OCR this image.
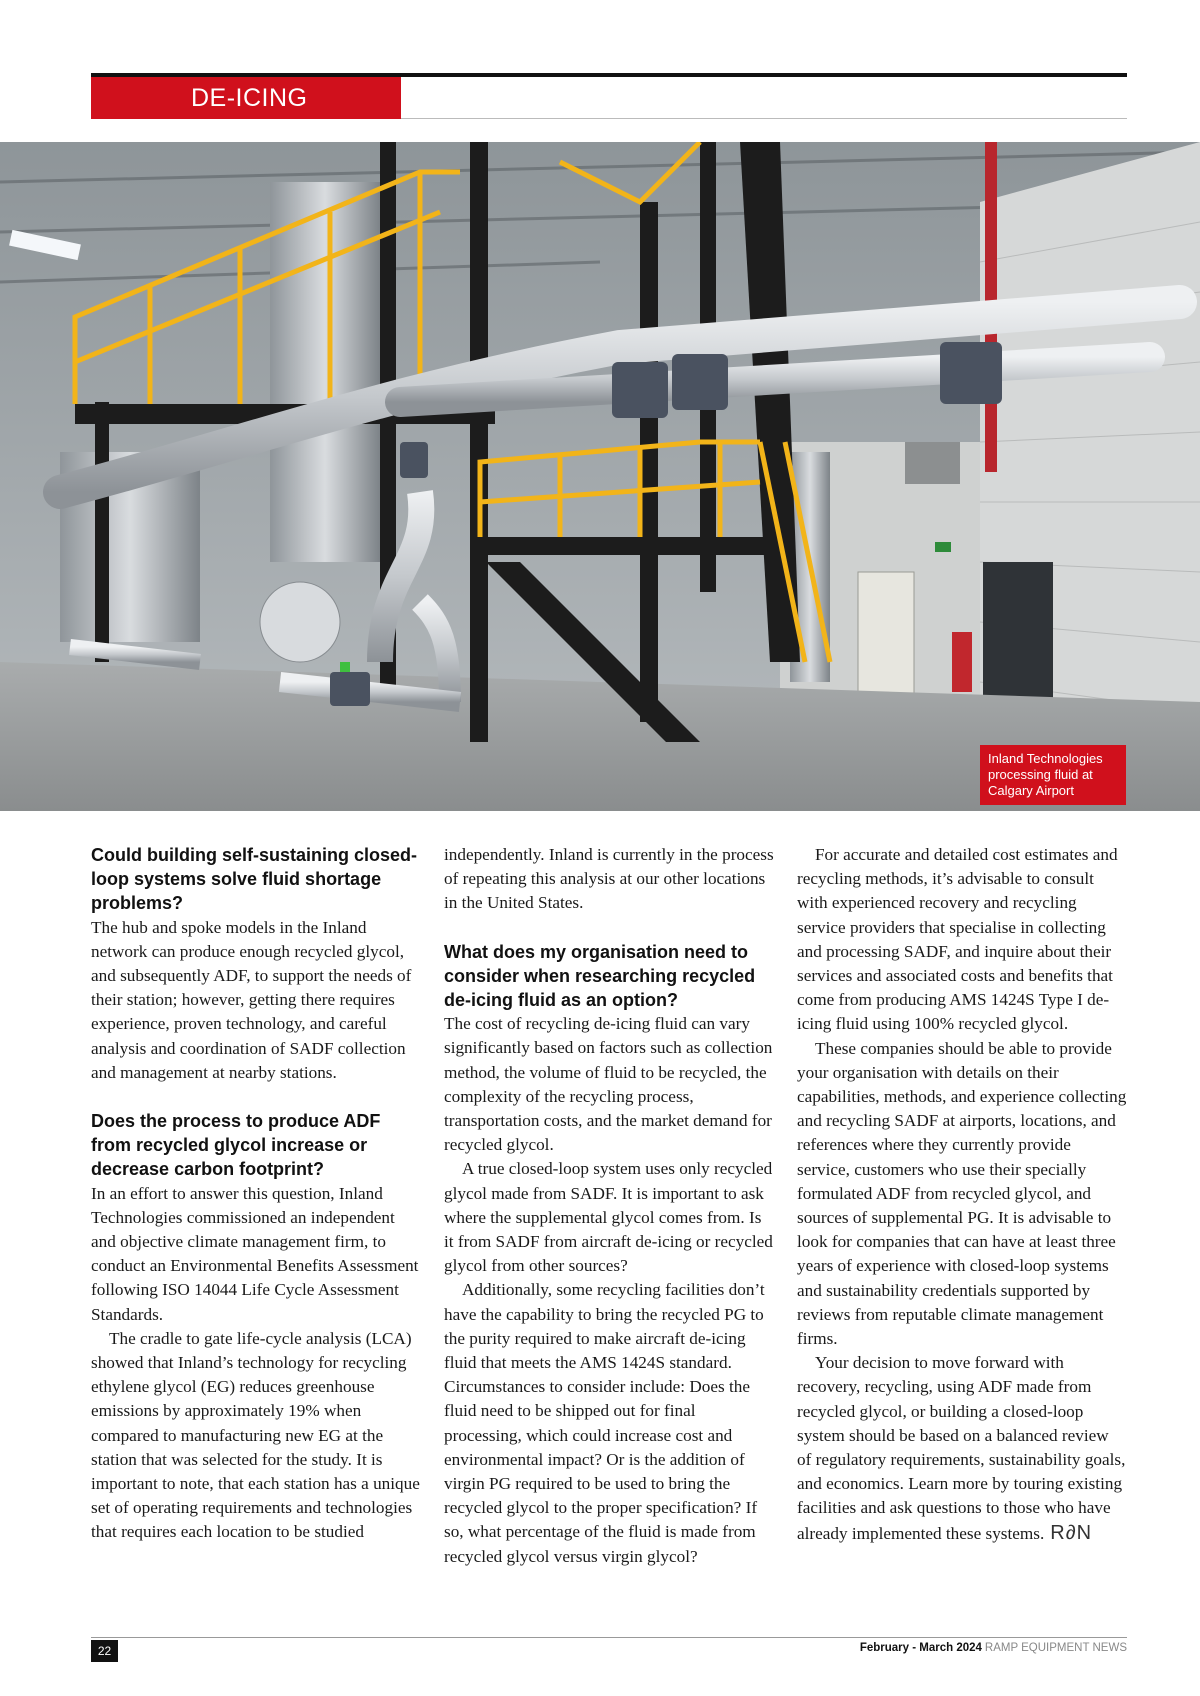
DE-ICING
Inland Technologies processing fluid at Calgary Airport
Could building self-sustaining closed-loop systems solve fluid shortage problems?

The hub and spoke models in the Inland network can produce enough recycled glycol, and subsequently ADF, to support the needs of their station; however, getting there requires experience, proven technology, and careful analysis and coordination of SADF collection and management at nearby stations.

Does the process to produce ADF from recycled glycol increase or decrease carbon footprint?

In an effort to answer this question, Inland Technologies commissioned an independent and objective climate management firm, to conduct an Environmental Benefits Assessment following ISO 14044 Life Cycle Assessment Standards.

The cradle to gate life-cycle analysis (LCA) showed that Inland’s technology for recycling ethylene glycol (EG) reduces greenhouse emissions by approximately 19% when compared to manufacturing new EG at the station that was selected for the study. It is important to note, that each station has a unique set of operating requirements and technologies that requires each location to be studied

independently. Inland is currently in the process of repeating this analysis at our other locations in the United States.

What does my organisation need to consider when researching recycled de-icing fluid as an option?

The cost of recycling de-icing fluid can vary significantly based on factors such as collection method, the volume of fluid to be recycled, the complexity of the recycling process, transportation costs, and the market demand for recycled glycol.

A true closed-loop system uses only recycled glycol made from SADF. It is important to ask where the supplemental glycol comes from. Is it from SADF from aircraft de-icing or recycled glycol from other sources?

Additionally, some recycling facilities don’t have the capability to bring the recycled PG to the purity required to make aircraft de-icing fluid that meets the AMS 1424S standard. Circumstances to consider include: Does the fluid need to be shipped out for final processing, which could increase cost and environmental impact? Or is the addition of virgin PG required to be used to bring the recycled glycol to the proper specification? If so, what percentage of the fluid is made from recycled glycol versus virgin glycol?

For accurate and detailed cost estimates and recycling methods, it’s advisable to consult with experienced recovery and recycling service providers that specialise in collecting and processing SADF, and inquire about their services and associated costs and benefits that come from producing AMS 1424S Type I de-icing fluid using 100% recycled glycol.

These companies should be able to provide your organisation with details on their capabilities, methods, and experience collecting and recycling SADF at airports, locations, and references where they currently provide service, customers who use their specially formulated ADF from recycled glycol, and sources of supplemental PG. It is advisable to look for companies that can have at least three years of experience with closed-loop systems and sustainability credentials supported by reviews from reputable climate management firms.

Your decision to move forward with recovery, recycling, using ADF made from recycled glycol, or building a closed-loop system should be based on a balanced review of regulatory requirements, sustainability goals, and economics. Learn more by touring existing facilities and ask questions to those who have already implemented these systems. R∂N

22	February - March 2024 RAMP EQUIPMENT NEWS
